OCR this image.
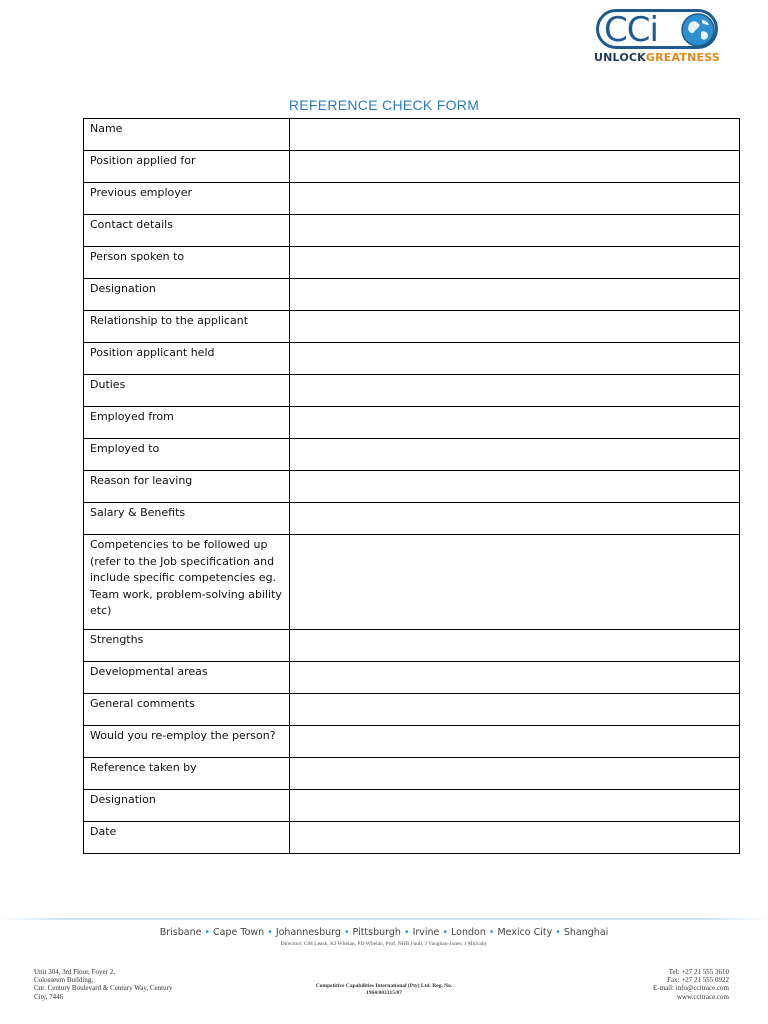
CCi
UNLOCKGREATNESS
REFERENCE CHECK FORM
Name	
Position applied for	
Previous employer	
Contact details	
Person spoken to	
Designation	
Relationship to the applicant	
Position applicant held	
Duties	
Employed from	
Employed to	
Reason for leaving	
Salary & Benefits	
Competencies to be followed up (refer to the Job specification and include specific competencies eg. Team work, problem-solving ability etc)	
Strengths	
Developmental areas	
General comments	
Would you re-employ the person?	
Reference taken by	
Designation	
Date	
Brisbane • Cape Town • Johannesburg • Pittsburgh • Irvine • London • Mexico City • Shanghai
Directors: GM Leask, KJ Whelan, PD Whelan, Prof. NHB Faull, J Vaughan-Jones, J Mulcahy
Unit 304, 3rd Floor, Foyer 2,
Colosseum Building,
Cnr. Century Boulevard & Century Way, Century
City, 7446
Competitive Capabilities International (Pty) Ltd. Reg. No.
1964/003315/07
Tel: +27 21 555 3610
Fax: +27 21 555 0922
E-mail: info@ccitrace.com
www.ccitrace.com
